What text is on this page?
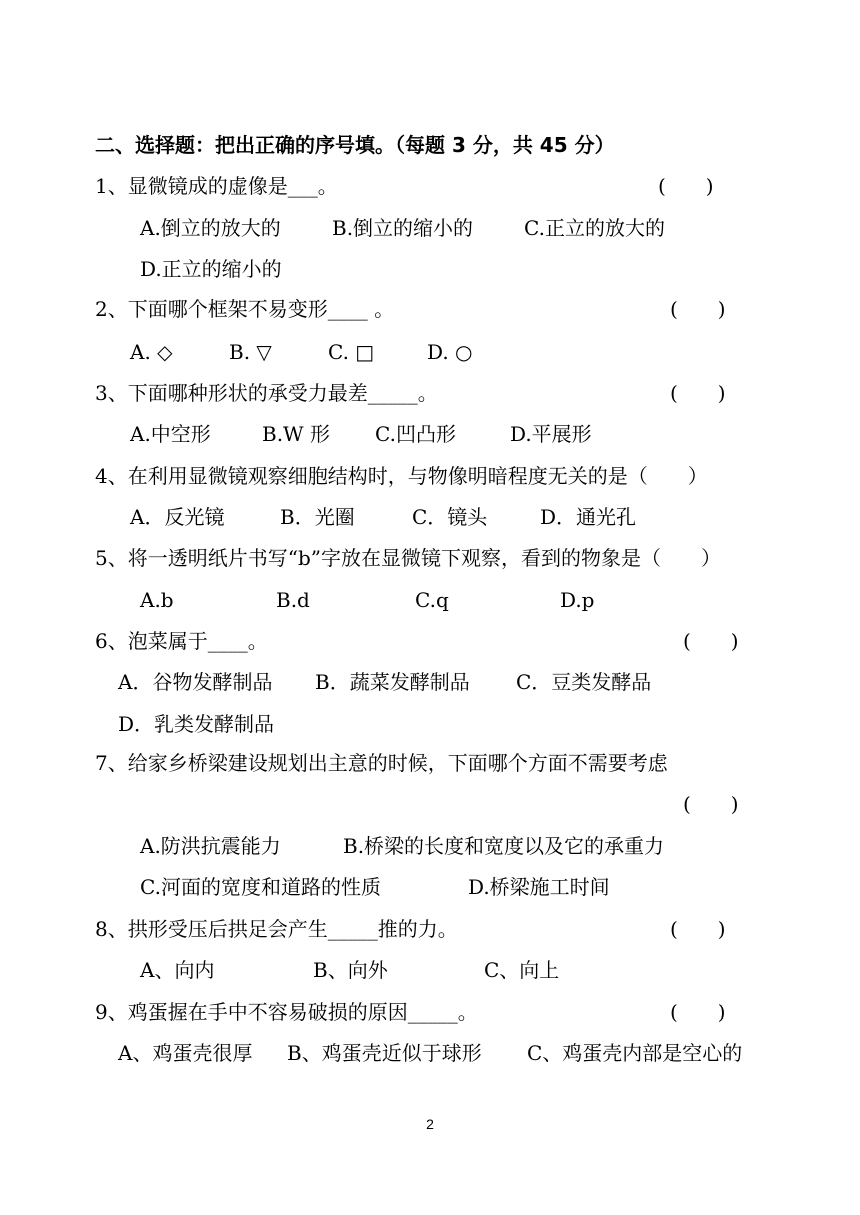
二、选择题：把出正确的序号填。（每题 3 分，共 45 分）
1、显微镜成的虚像是___。	(　　)
A.倒立的放大的	B.倒立的缩小的	C.正立的放大的
D.正立的缩小的
2、下面哪个框架不易变形____ 。	(　　)
A. ◇	B. ▽	C. □	D. ○
3、下面哪种形状的承受力最差_____。	(　　)
A.中空形	B.W 形 C.凹凸形	D.平展形
4、在利用显微镜观察细胞结构时，与物像明暗程度无关的是（　　）
A．反光镜	B．光圈	C．镜头	D．通光孔
5、将一透明纸片书写“b”字放在显微镜下观察，看到的物象是（　　）
A.b	B.d	C.q	D.p
6、泡菜属于____。	(　　)
A．谷物发酵制品 B．蔬菜发酵制品 C．豆类发酵品
D．乳类发酵制品
7、给家乡桥梁建设规划出主意的时候，下面哪个方面不需要考虑
(　　)
A.防洪抗震能力	B.桥梁的长度和宽度以及它的承重力
C.河面的宽度和道路的性质	D.桥梁施工时间
8、拱形受压后拱足会产生_____推的力。	(　　)
A、向内	B、向外	C、向上
9、鸡蛋握在手中不容易破损的原因_____。	(　　)
A、鸡蛋壳很厚 B、鸡蛋壳近似于球形 C、鸡蛋壳内部是空心的
2
